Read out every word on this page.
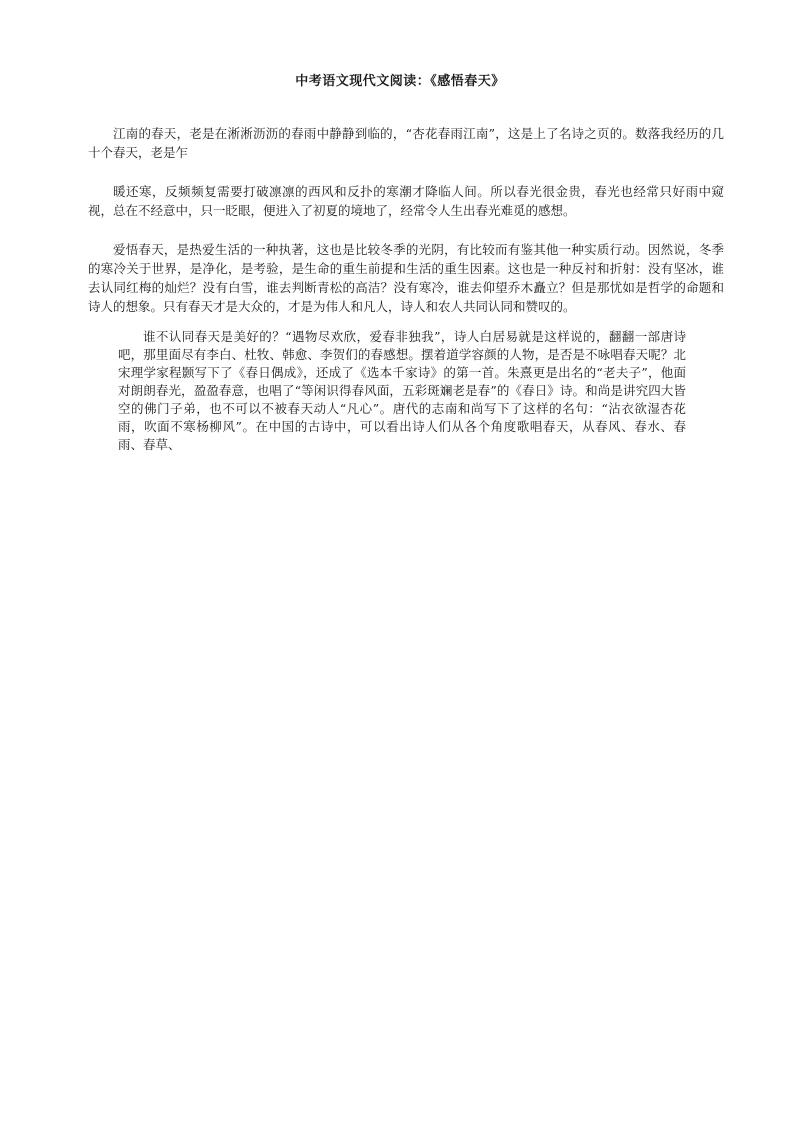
中考语文现代文阅读：《感悟春天》

江南的春天，老是在淅淅沥沥的春雨中静静到临的，“杏花春雨江南”，这是上了名诗之页的。数落我经历的几十个春天，老是乍

暖还寒，反频频复需要打破凛凛的西风和反扑的寒潮才降临人间。所以春光很金贵，春光也经常只好雨中窥视，总在不经意中，只一眨眼，便进入了初夏的境地了，经常令人生出春光难觅的感想。

爱悟春天，是热爱生活的一种执著，这也是比较冬季的光阴，有比较而有鉴其他一种实质行动。因然说，冬季的寒冷关于世界，是净化，是考验，是生命的重生前提和生活的重生因素。这也是一种反衬和折射：没有坚冰，谁去认同红梅的灿烂？没有白雪，谁去判断青松的高洁？没有寒冷，谁去仰望乔木矗立？但是那忧如是哲学的命题和诗人的想象。只有春天才是大众的，才是为伟人和凡人，诗人和农人共同认同和赞叹的。

谁不认同春天是美好的？“遇物尽欢欣，爱春非独我”，诗人白居易就是这样说的，翻翻一部唐诗吧，那里面尽有李白、杜牧、韩愈、李贺们的春感想。摆着道学容颜的人物，是否是不咏唱春天呢？北宋理学家程颢写下了《春日偶成》，还成了《选本千家诗》的第一首。朱熹更是出名的“老夫子”，他面对朗朗春光，盈盈春意，也唱了“等闲识得春风面，五彩斑斓老是春”的《春日》诗。和尚是讲究四大皆空的佛门子弟，也不可以不被春天动人“凡心”。唐代的志南和尚写下了这样的名句：“沾衣欲湿杏花雨，吹面不寒杨柳风”。在中国的古诗中，可以看出诗人们从各个角度歌唱春天，从春风、春水、春雨、春草、
